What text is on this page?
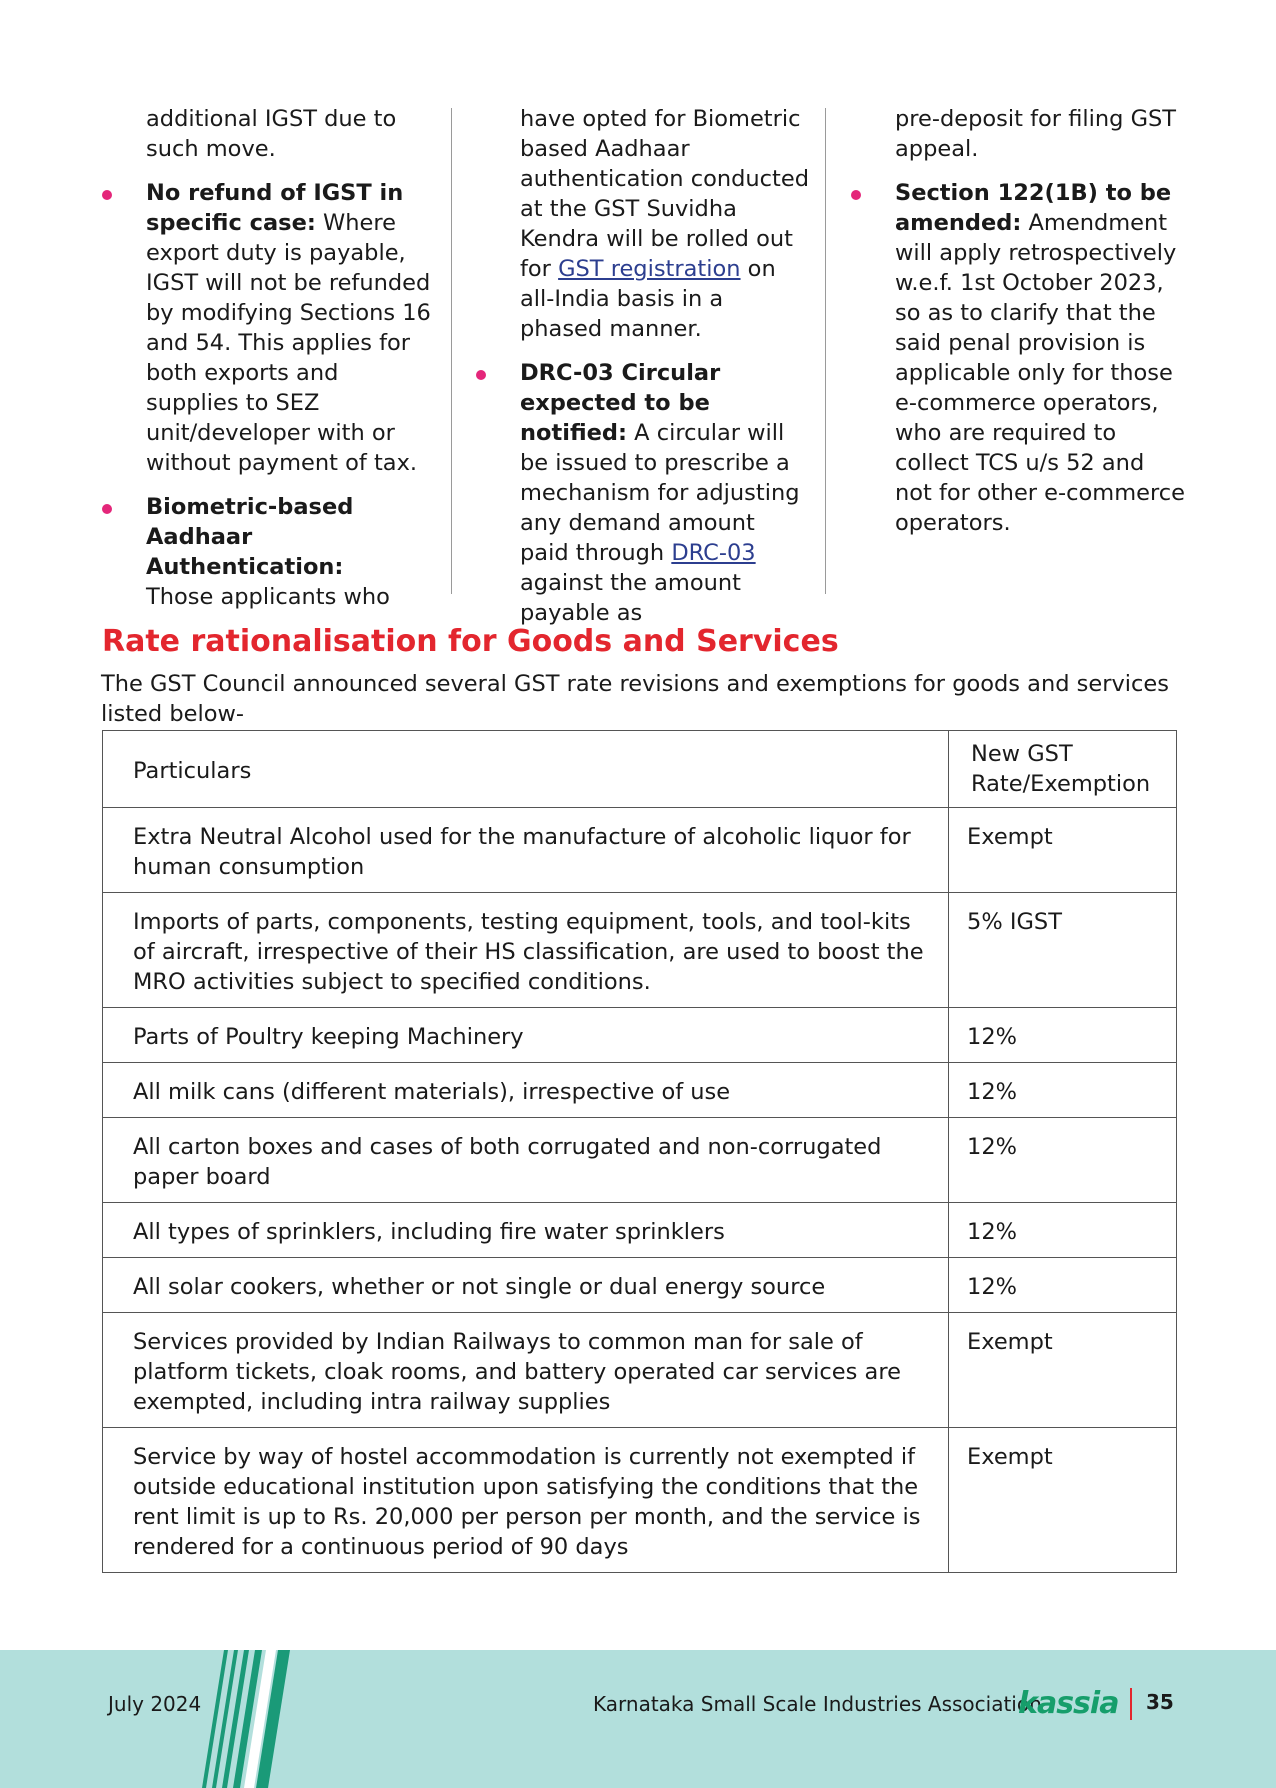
additional IGST due to such move.

No refund of IGST in specific case: Where export duty is payable, IGST will not be refunded by modifying Sections 16 and 54. This applies for both exports and supplies to SEZ unit/developer with or without payment of tax.

Biometric-based Aadhaar Authentication:
Those applicants who

have opted for Biometric based Aadhaar authentication conducted at the GST Suvidha Kendra will be rolled out for GST registration on all-India basis in a phased manner.

DRC-03 Circular expected to be notified: A circular will be issued to prescribe a mechanism for adjusting any demand amount paid through DRC-03 against the amount payable as

pre-deposit for filing GST appeal.

Section 122(1B) to be amended: Amendment will apply retrospectively w.e.f. 1st October 2023, so as to clarify that the said penal provision is applicable only for those e-commerce operators, who are required to collect TCS u/s 52 and not for other e-commerce operators.

Rate rationalisation for Goods and Services

The GST Council announced several GST rate revisions and exemptions for goods and services listed below-

Particulars	New GST Rate/Exemption
Extra Neutral Alcohol used for the manufacture of alcoholic liquor for human consumption	Exempt
Imports of parts, components, testing equipment, tools, and tool-kits of aircraft, irrespective of their HS classification, are used to boost the MRO activities subject to specified conditions.	5% IGST
Parts of Poultry keeping Machinery	12%
All milk cans (different materials), irrespective of use	12%
All carton boxes and cases of both corrugated and non-corrugated paper board	12%
All types of sprinklers, including fire water sprinklers	12%
All solar cookers, whether or not single or dual energy source	12%
Services provided by Indian Railways to common man for sale of platform tickets, cloak rooms, and battery operated car services are exempted, including intra railway supplies	Exempt
Service by way of hostel accommodation is currently not exempted if outside educational institution upon satisfying the conditions that the rent limit is up to Rs. 20,000 per person per month, and the service is rendered for a continuous period of 90 days	Exempt
July 2024	Karnataka Small Scale Industries Association
kassia 35
